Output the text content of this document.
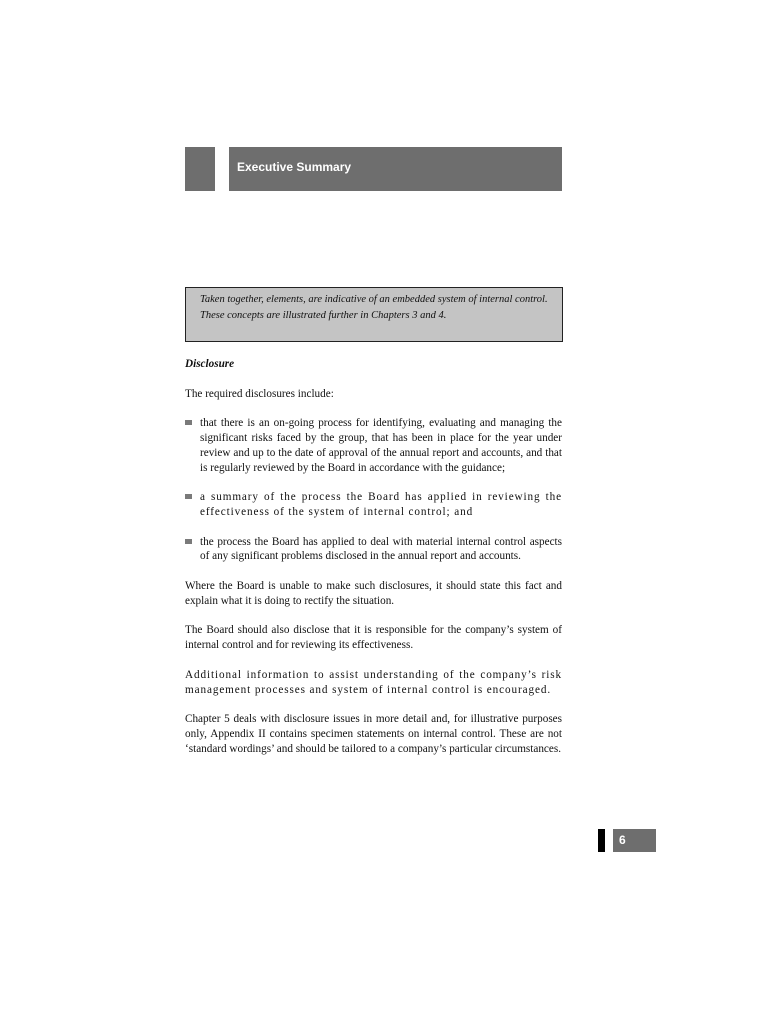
Executive Summary
Taken together, elements, are indicative of an embedded system of internal control. These concepts are illustrated further in Chapters 3 and 4.

Disclosure

The required disclosures include:

that there is an on-going process for identifying, evaluating and managing the significant risks faced by the group, that has been in place for the year under review and up to the date of approval of the annual report and accounts, and that is regularly reviewed by the Board in accordance with the guidance;
a summary of the process the Board has applied in reviewing the effectiveness of the system of internal control; and
the process the Board has applied to deal with material internal control aspects of any significant problems disclosed in the annual report and accounts.

Where the Board is unable to make such disclosures, it should state this fact and explain what it is doing to rectify the situation.

The Board should also disclose that it is responsible for the company’s system of internal control and for reviewing its effectiveness.

Additional information to assist understanding of the company’s risk management processes and system of internal control is encouraged.

Chapter 5 deals with disclosure issues in more detail and, for illustrative purposes only, Appendix II contains specimen statements on internal control. These are not ‘standard wordings’ and should be tailored to a company’s particular circumstances.

6
